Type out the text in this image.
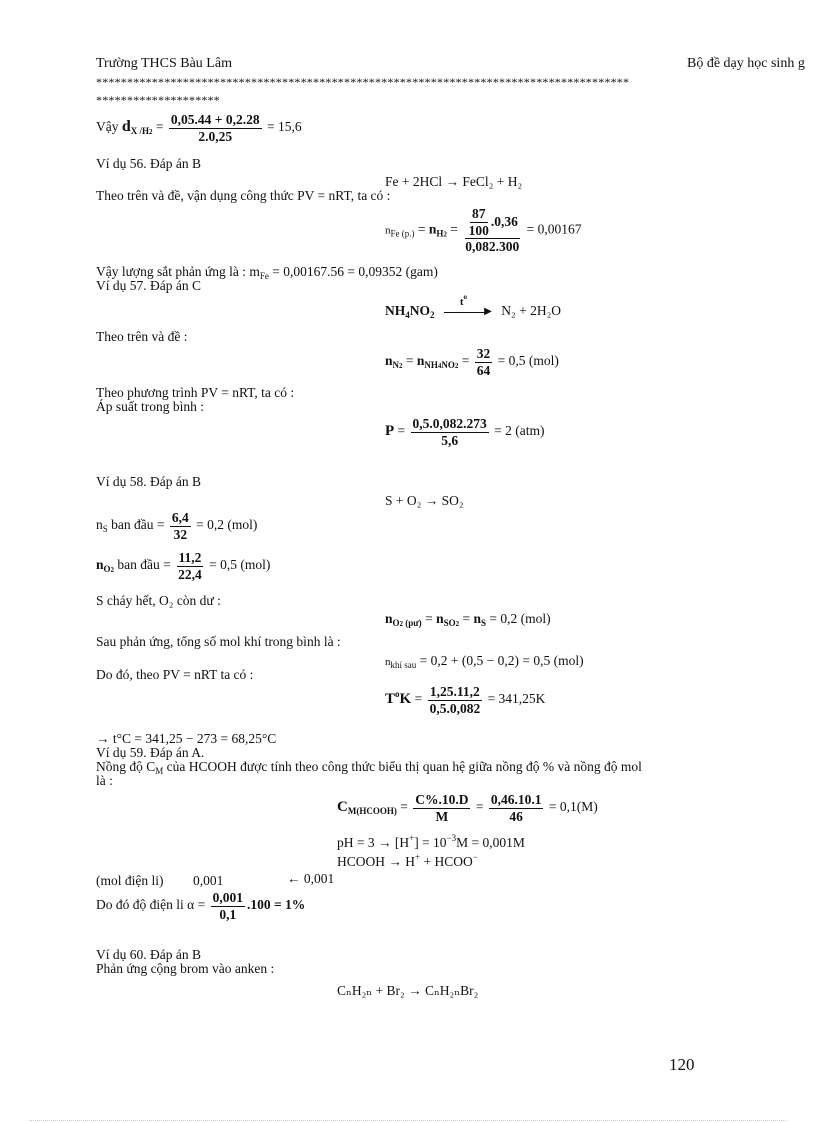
Trường THCS Bàu Lâm	Bộ đề dạy học sinh g
**************************************************************************************
********************
Vậy $d_{X /H2} = \frac{0,05.44 + 0,2.28}{2.0,25} = 15,6$
Ví dụ 56. Đáp án B
Fe + 2HCl → FeCl₂ + H₂
Theo trên và đề, vận dụng công thức PV = nRT, ta có :
$n_{Fe (p.)} = n_{H2} = \frac{\frac{87}{100} .0,36}{0,082.300} = 0,00167$
Vậy lượng sắt phản ứng là : $m_{Fe} = 0,00167.56 = 0,09352$ (gam)
Ví dụ 57. Đáp án C
$NH_4NO_2$
$t^o$
▶ N₂ + 2H₂O
Theo trên và đề :
$n_{N2} = n_{NH4NO2} = \frac{32}{64} = 0,5$ (mol)
Theo phương trình PV = nRT, ta có :
Áp suất trong bình :
$P = \frac{0,5.0,082.273}{5,6} = 2$ (atm)
Ví dụ 58. Đáp án B
S + O₂ → SO₂
$n_S$ ban đầu = $\frac{6,4}{32} = 0,2$ (mol)
$n_{O2}$ ban đầu = $\frac{11,2}{22,4} = 0,5$ (mol)
S cháy hết, O₂ còn dư :
$n_{O2}$ $_{(pư)} = n_{SO2} = n_S = 0,2$ (mol)
Sau phản ứng, tổng số mol khí trong bình là :
$n_{khí sau} = 0,2 + (0,5 - 0,2) = 0,5$ (mol)
Do đó, theo PV = nRT ta có :
$T^oK = \frac{1,25.11,2}{0,5.0,082} = 341,25K$
→ t°C = 341,25 − 273 = 68,25°C
Ví dụ 59. Đáp án A.
Nồng độ $C_M$ của HCOOH được tính theo công thức biểu thị quan hệ giữa nồng độ % và nồng độ mol
là :
$C_{M(HCOOH)} = \frac{C\%.10.D}{M} = \frac{0,46.10.1}{46} = 0,1(M)$
pH = $3 \to [H^+] = 10^{-3}M = 0,001M$
HCOOH → H+ + HCOO−
(mol điện li) 0,001	← 0,001
Do đó độ điện li $\alpha = \frac{0,001}{0,1} .100 = 1\%$
Ví dụ 60. Đáp án B
Phản ứng cộng brom vào anken :
CₙH₂ₙ + Br₂ → CₙH₂ₙBr₂
120
